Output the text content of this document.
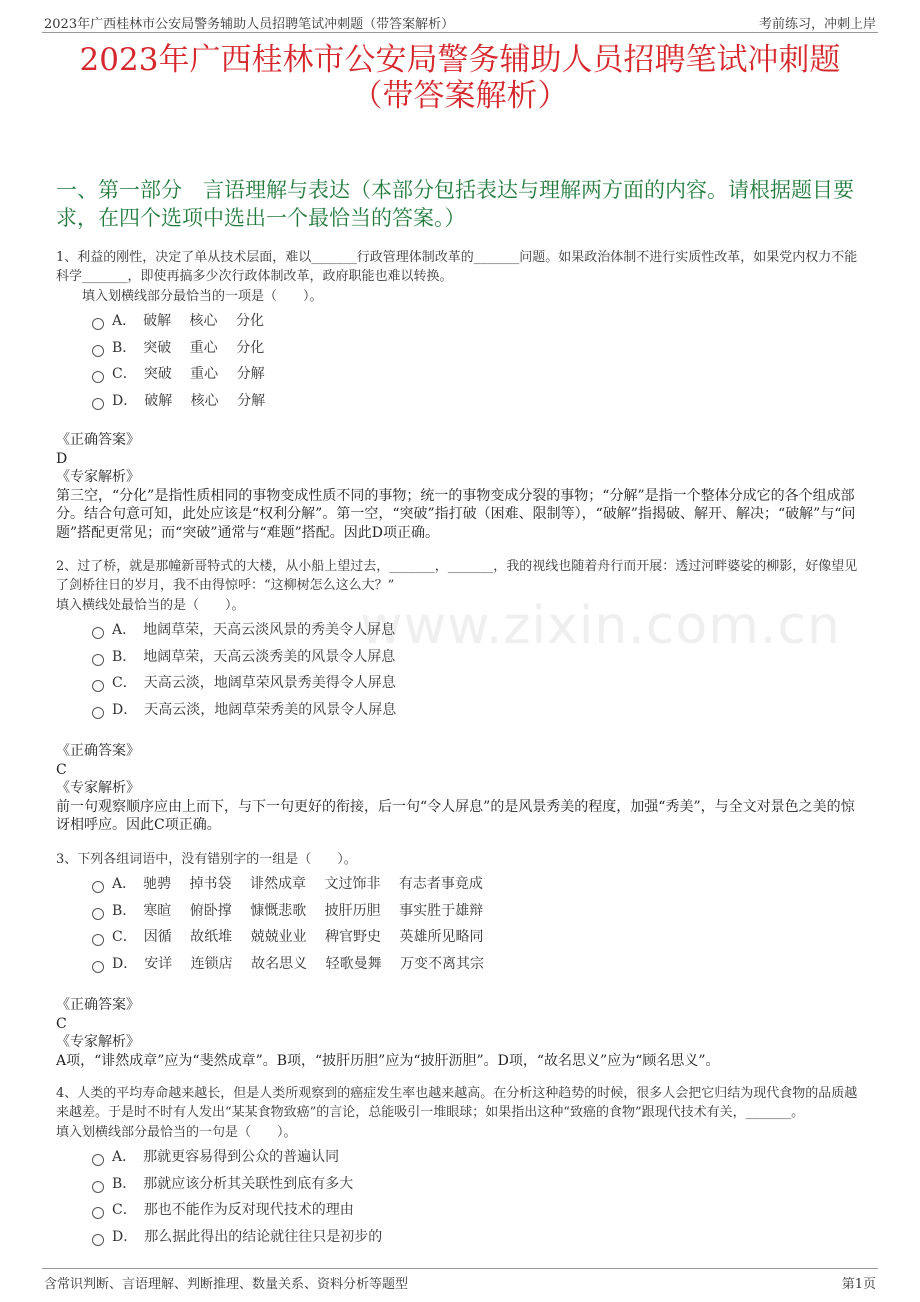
2023年广西桂林市公安局警务辅助人员招聘笔试冲刺题（带答案解析）	考前练习，冲刺上岸
2023年广西桂林市公安局警务辅助人员招聘笔试冲刺题（带答案解析）
一、第一部分　言语理解与表达（本部分包括表达与理解两方面的内容。请根据题目要求，在四个选项中选出一个最恰当的答案。）
www.zixin.com.cn
1、利益的刚性，决定了单从技术层面，难以_______行政管理体制改革的_______问题。如果政治体制不进行实质性改革，如果党内权力不能科学_______，即使再搞多少次行政体制改革，政府职能也难以转换。
　　填入划横线部分最恰当的一项是（　　）。
A．　破解　 核心　 分化
B．　突破　 重心　 分化
C．　突破　 重心　 分解
D．　破解　 核心　 分解
《正确答案》
D
《专家解析》
第三空，“分化”是指性质相同的事物变成性质不同的事物；统一的事物变成分裂的事物；“分解”是指一个整体分成它的各个组成部分。结合句意可知，此处应该是“权利分解”。第一空，“突破”指打破（困难、限制等），“破解”指揭破、解开、解决；“破解”与“问题”搭配更常见；而“突破”通常与“难题”搭配。因此D项正确。
2、过了桥，就是那幢新哥特式的大楼，从小船上望过去，_______，_______，我的视线也随着舟行而开展：透过河畔婆娑的柳影，好像望见了剑桥往日的岁月，我不由得惊呼：“这柳树怎么这么大？”
填入横线处最恰当的是（　　）。
A．　地阔草荣，天高云淡风景的秀美令人屏息
B．　地阔草荣，天高云淡秀美的风景令人屏息
C．　天高云淡，地阔草荣风景秀美得令人屏息
D．　天高云淡，地阔草荣秀美的风景令人屏息
《正确答案》
C
《专家解析》
前一句观察顺序应由上而下，与下一句更好的衔接，后一句“令人屏息”的是风景秀美的程度，加强“秀美”，与全文对景色之美的惊讶相呼应。因此C项正确。
3、下列各组词语中，没有错别字的一组是（　　）。
A．　驰骋　 掉书袋　 诽然成章　 文过饰非　 有志者事竟成
B．　寒暄　 俯卧撑　 慷慨悲歌　 披肝历胆　 事实胜于雄辩
C．　因循　 故纸堆　 兢兢业业　 稗官野史　 英雄所见略同
D．　安详　 连锁店　 故名思义　 轻歌曼舞　 万变不离其宗
《正确答案》
C
《专家解析》
A项，“诽然成章”应为“斐然成章”。B项，“披肝历胆”应为“披肝沥胆”。D项，“故名思义”应为“顾名思义”。
4、人类的平均寿命越来越长，但是人类所观察到的癌症发生率也越来越高。在分析这种趋势的时候，很多人会把它归结为现代食物的品质越来越差。于是时不时有人发出“某某食物致癌”的言论，总能吸引一堆眼球；如果指出这种“致癌的食物”跟现代技术有关，_______。
填入划横线部分最恰当的一句是（　　）。
A．　那就更容易得到公众的普遍认同
B．　那就应该分析其关联性到底有多大
C．　那也不能作为反对现代技术的理由
D．　那么据此得出的结论就往往只是初步的
含常识判断、言语理解、判断推理、数量关系、资料分析等题型	第1页
